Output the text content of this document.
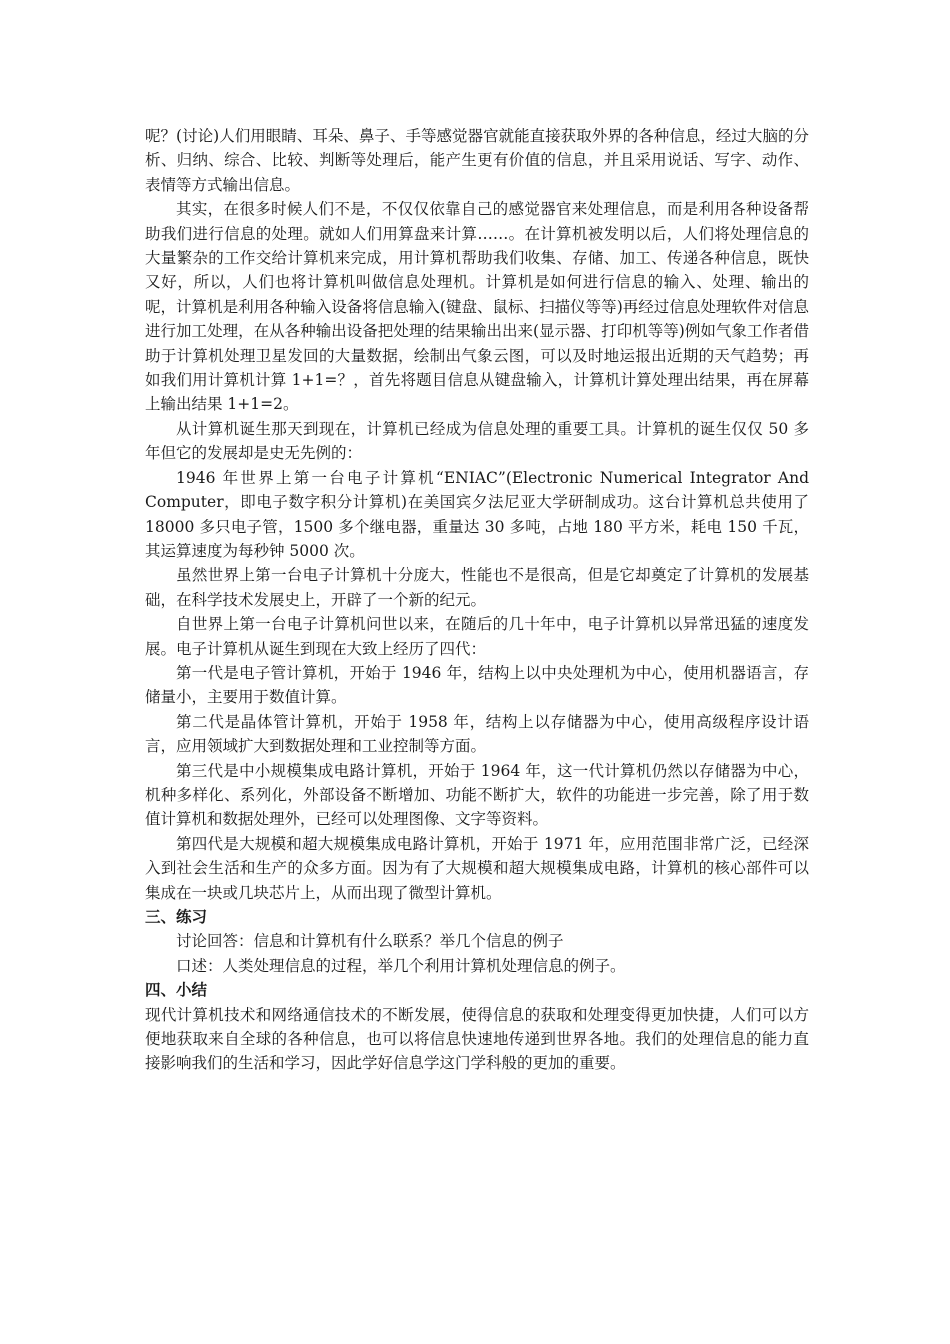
呢？(讨论)人们用眼睛、耳朵、鼻子、手等感觉器官就能直接获取外界的各种信息，经过大脑的分析、归纳、综合、比较、判断等处理后，能产生更有价值的信息，并且采用说话、写字、动作、表情等方式输出信息。

其实，在很多时候人们不是，不仅仅依靠自己的感觉器官来处理信息，而是利用各种设备帮助我们进行信息的处理。就如人们用算盘来计算……。在计算机被发明以后，人们将处理信息的大量繁杂的工作交给计算机来完成，用计算机帮助我们收集、存储、加工、传递各种信息，既快又好，所以，人们也将计算机叫做信息处理机。计算机是如何进行信息的输入、处理、输出的呢，计算机是利用各种输入设备将信息输入(键盘、鼠标、扫描仪等等)再经过信息处理软件对信息进行加工处理，在从各种输出设备把处理的结果输出出来(显示器、打印机等等)例如气象工作者借助于计算机处理卫星发回的大量数据，绘制出气象云图，可以及时地运报出近期的天气趋势；再如我们用计算机计算 1+1=？，首先将题目信息从键盘输入，计算机计算处理出结果，再在屏幕上输出结果 1+1=2。

从计算机诞生那天到现在，计算机已经成为信息处理的重要工具。计算机的诞生仅仅 50 多年但它的发展却是史无先例的：

1946 年世界上第一台电子计算机“ENIAC”(Electronic Numerical Integrator And Computer，即电子数字积分计算机)在美国宾夕法尼亚大学研制成功。这台计算机总共使用了 18000 多只电子管，1500 多个继电器，重量达 30 多吨，占地 180 平方米，耗电 150 千瓦，其运算速度为每秒钟 5000 次。

虽然世界上第一台电子计算机十分庞大，性能也不是很高，但是它却奠定了计算机的发展基础，在科学技术发展史上，开辟了一个新的纪元。

自世界上第一台电子计算机问世以来，在随后的几十年中，电子计算机以异常迅猛的速度发展。电子计算机从诞生到现在大致上经历了四代：

第一代是电子管计算机，开始于 1946 年，结构上以中央处理机为中心，使用机器语言，存储量小，主要用于数值计算。

第二代是晶体管计算机，开始于 1958 年，结构上以存储器为中心，使用高级程序设计语言，应用领域扩大到数据处理和工业控制等方面。

第三代是中小规模集成电路计算机，开始于 1964 年，这一代计算机仍然以存储器为中心，机种多样化、系列化，外部设备不断增加、功能不断扩大，软件的功能进一步完善，除了用于数值计算机和数据处理外，已经可以处理图像、文字等资料。

第四代是大规模和超大规模集成电路计算机，开始于 1971 年，应用范围非常广泛，已经深入到社会生活和生产的众多方面。因为有了大规模和超大规模集成电路，计算机的核心部件可以集成在一块或几块芯片上，从而出现了微型计算机。

三、练习

讨论回答：信息和计算机有什么联系？举几个信息的例子

口述：人类处理信息的过程，举几个利用计算机处理信息的例子。

四、小结

现代计算机技术和网络通信技术的不断发展，使得信息的获取和处理变得更加快捷，人们可以方便地获取来自全球的各种信息，也可以将信息快速地传递到世界各地。我们的处理信息的能力直接影响我们的生活和学习，因此学好信息学这门学科般的更加的重要。
